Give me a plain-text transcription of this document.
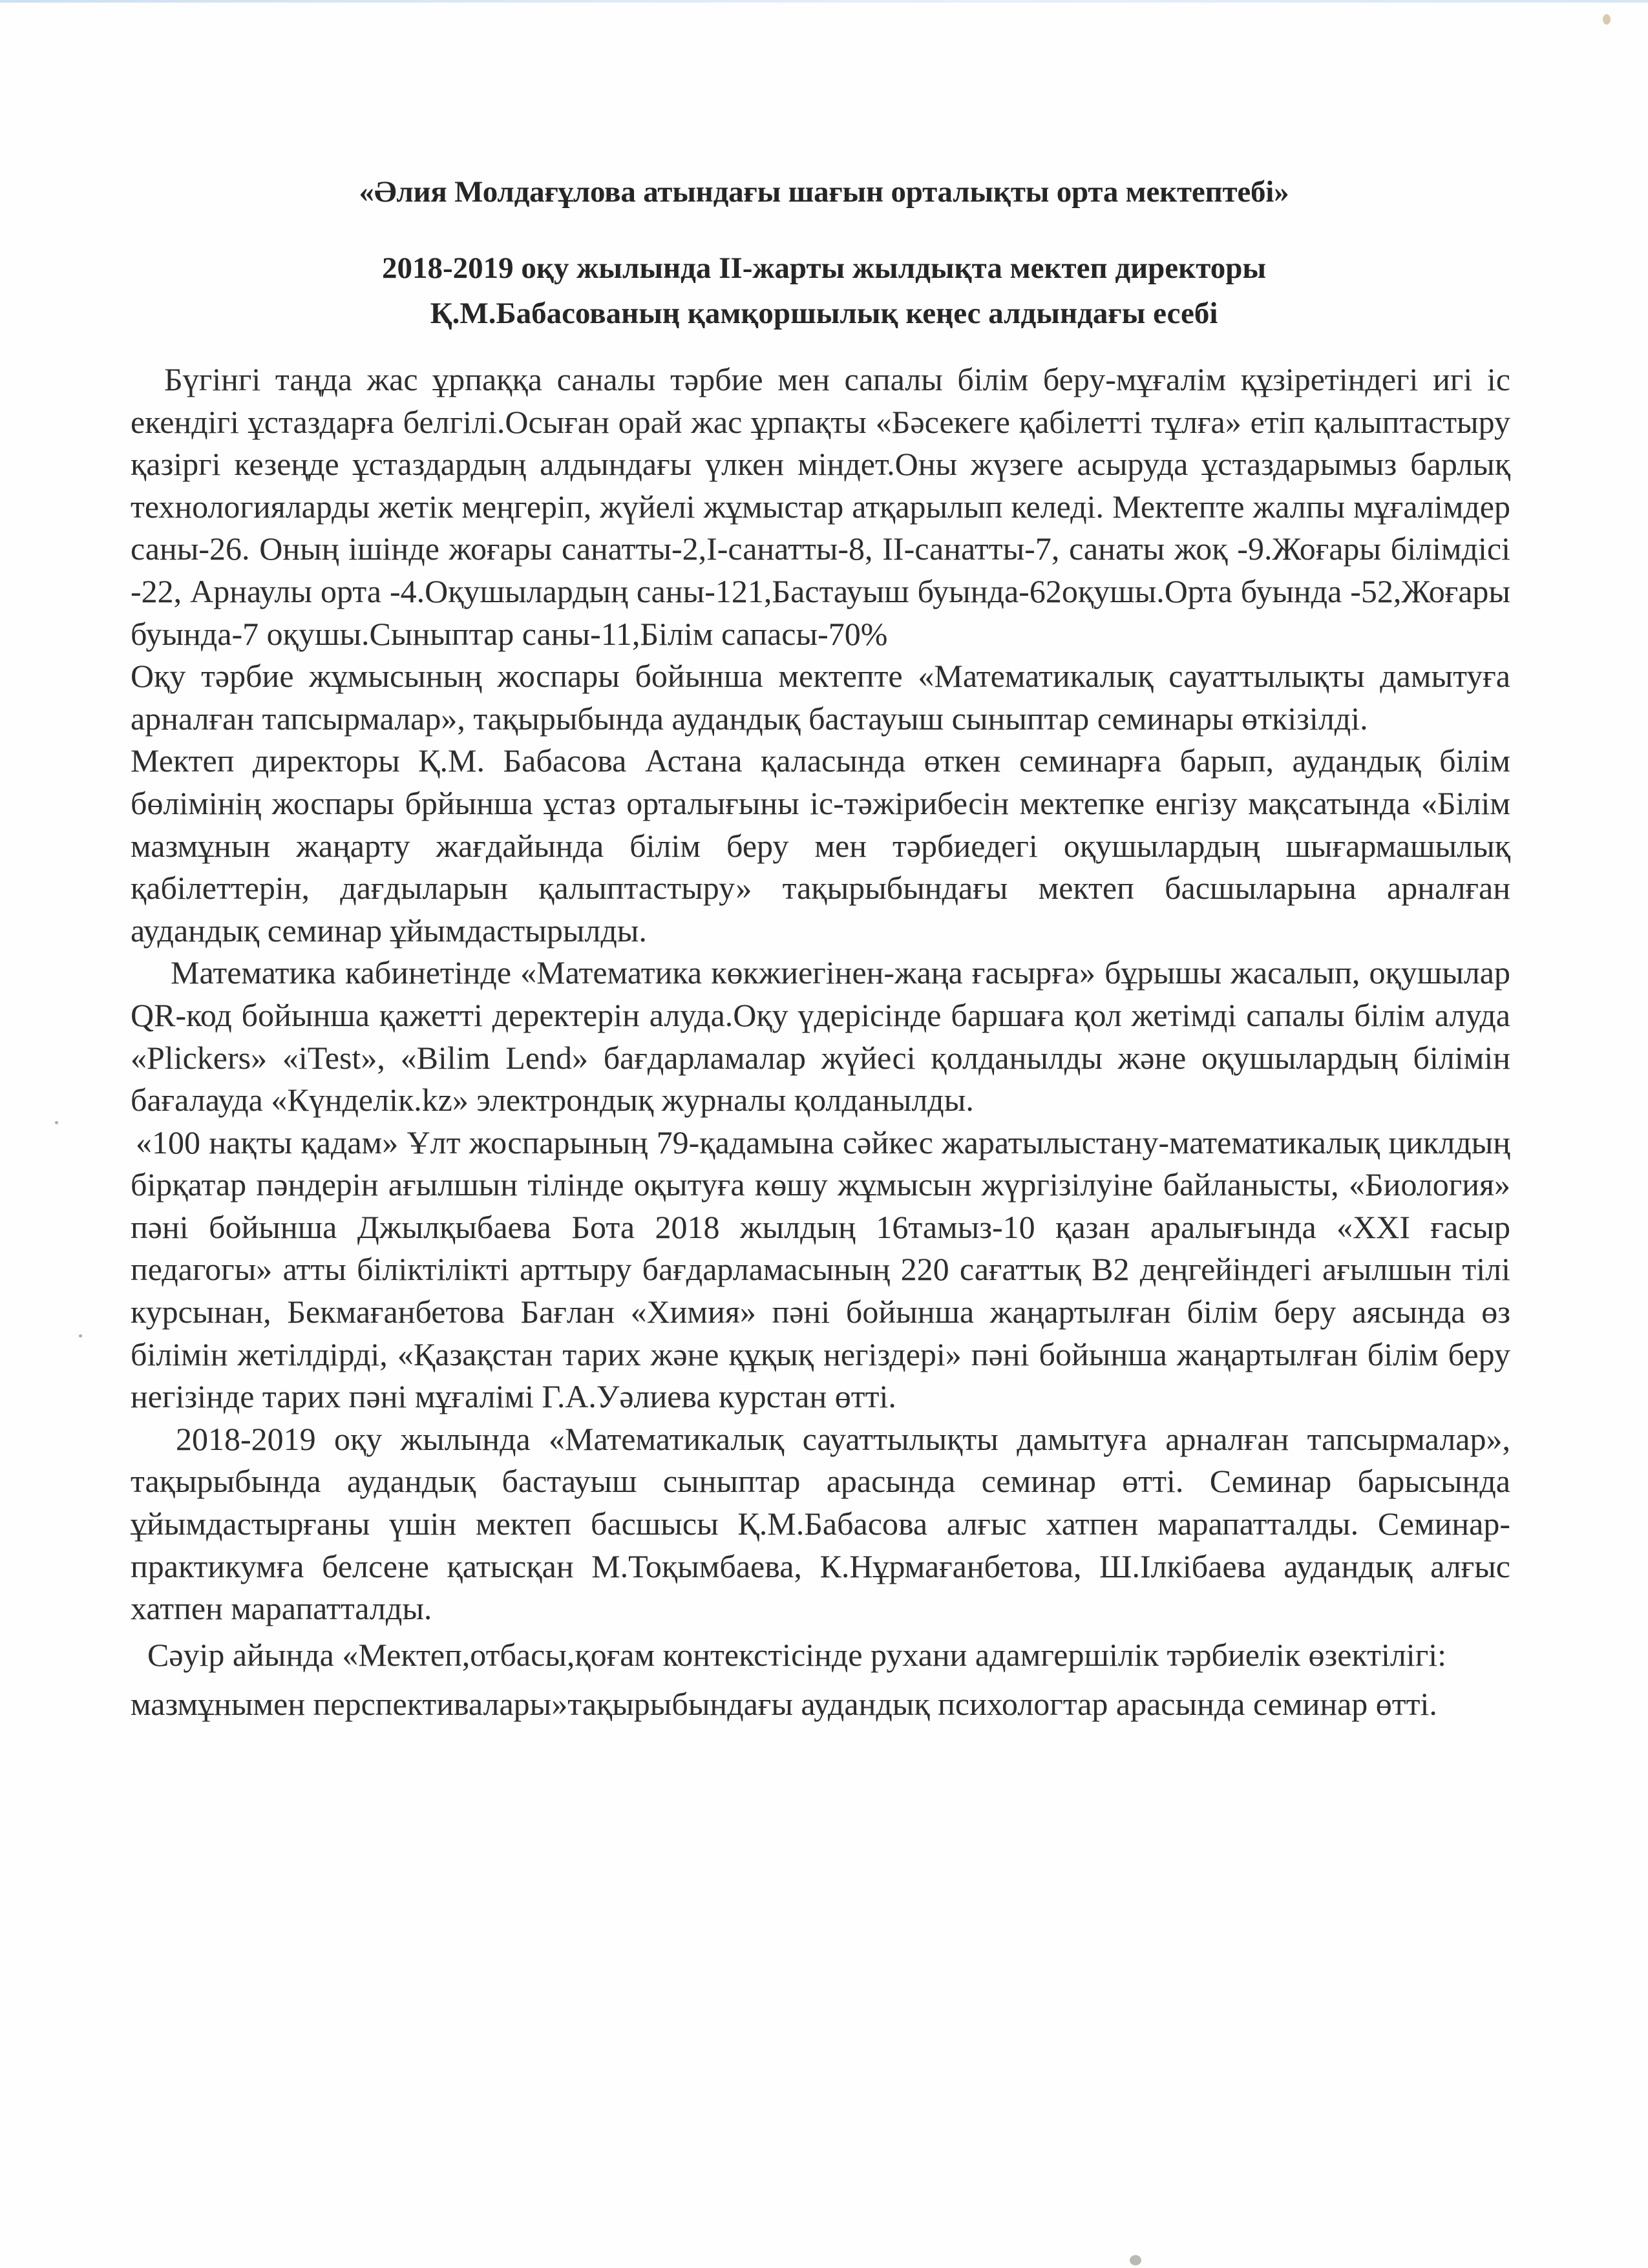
«Әлия Молдағұлова атындағы шағын орталықты орта мектептебі»
2018-2019 оқу жылында ІІ-жарты жылдықта мектеп директоры
Қ.М.Бабасованың қамқоршылық кеңес алдындағы есебі

Бүгінгі таңда жас ұрпаққа саналы тәрбие мен сапалы білім беру-мұғалім құзіретіндегі игі іс екендігі ұстаздарға белгілі.Осыған орай жас ұрпақты «Бәсекеге қабілетті тұлға» етіп қалыптастыру қазіргі кезеңде ұстаздардың алдындағы үлкен міндет.Оны жүзеге асыруда ұстаздарымыз барлық технологияларды жетік меңгеріп, жүйелі жұмыстар атқарылып келеді. Мектепте жалпы мұғалімдер саны-26. Оның ішінде жоғары санатты-2,І-санатты-8, ІІ-санатты-7, санаты жоқ -9.Жоғары білімдісі -22, Арнаулы орта -4.Оқушылардың саны-121,Бастауыш буында-62оқушы.Орта буында -52,Жоғары буында-7 оқушы.Сыныптар саны-11,Білім сапасы-70%

Оқу тәрбие жұмысының жоспары бойынша мектепте «Математикалық сауаттылықты дамытуға арналған тапсырмалар», тақырыбында аудандық бастауыш сыныптар семинары өткізілді.

Мектеп директоры Қ.М. Бабасова Астана қаласында өткен семинарға барып, аудандық білім бөлімінің жоспары брйынша ұстаз орталығыны іс-тәжірибесін мектепке енгізу мақсатында «Білім мазмұнын жаңарту жағдайында білім беру мен тәрбиедегі оқушылардың шығармашылық қабілеттерін, дағдыларын қалыптастыру» тақырыбындағы мектеп басшыларына арналған аудандық семинар ұйымдастырылды.

Математика кабинетінде «Математика көкжиегінен-жаңа ғасырға» бұрышы жасалып, оқушылар QR-код бойынша қажетті деректерін алуда.Оқу үдерісінде баршаға қол жетімді сапалы білім алуда «Plickers» «iTest», «Bilim Lend» бағдарламалар жүйесі қолданылды және оқушылардың білімін бағалауда «Күнделік.kz» электрондық журналы қолданылды.

«100 нақты қадам» Ұлт жоспарының 79-қадамына сәйкес жаратылыстану-математикалық циклдың бірқатар пәндерін ағылшын тілінде оқытуға көшу жұмысын жүргізілуіне байланысты, «Биология» пәні бойынша Джылқыбаева Бота 2018 жылдың 16тамыз-10 қазан аралығында «XXI ғасыр педагогы» атты біліктілікті арттыру бағдарламасының 220 сағаттық В2 деңгейіндегі ағылшын тілі курсынан, Бекмағанбетова Бағлан «Химия» пәні бойынша жаңартылған білім беру аясында өз білімін жетілдірді, «Қазақстан тарих және құқық негіздері» пәні бойынша жаңартылған білім беру негізінде тарих пәні мұғалімі Г.А.Уәлиева курстан өтті.

2018-2019 оқу жылында «Математикалық сауаттылықты дамытуға арналған тапсырмалар», тақырыбында аудандық бастауыш сыныптар арасында семинар өтті. Семинар барысында ұйымдастырғаны үшін мектеп басшысы Қ.М.Бабасова алғыс хатпен марапатталды. Семинар-практикумға белсене қатысқан М.Тоқымбаева, К.Нұрмағанбетова, Ш.Ілкібаева аудандық алғыс хатпен марапатталды.

Сәуір айында «Мектеп,отбасы,қоғам контекстісінде рухани адамгершілік тәрбиелік өзектілігі: мазмұнымен перспективалары»тақырыбындағы аудандық психологтар арасында семинар өтті.
